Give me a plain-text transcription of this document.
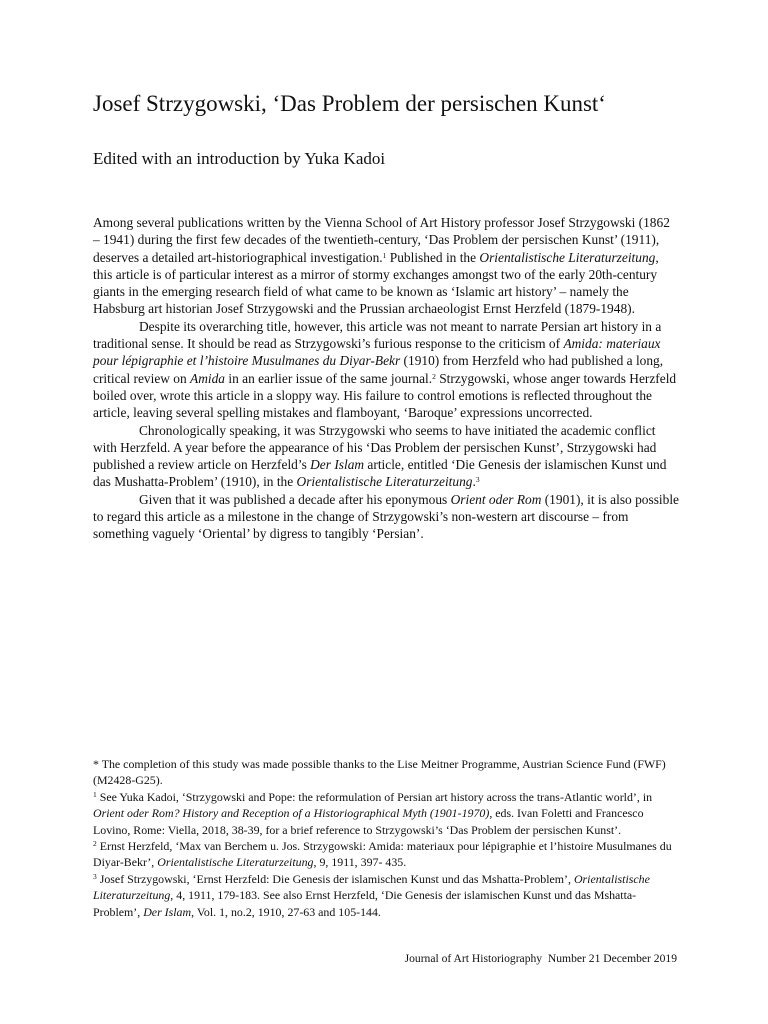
Josef Strzygowski, ‘Das Problem der persischen Kunst‘
Edited with an introduction by Yuka Kadoi

Among several publications written by the Vienna School of Art History professor Josef Strzygowski (1862 – 1941) during the first few decades of the twentieth-century, ‘Das Problem der persischen Kunst’ (1911), deserves a detailed art-historiographical investigation.$^1$ Published in the Orientalistische Literaturzeitung, this article is of particular interest as a mirror of stormy exchanges amongst two of the early 20th-century giants in the emerging research field of what came to be known as ‘Islamic art history’ – namely the Habsburg art historian Josef Strzygowski and the Prussian archaeologist Ernst Herzfeld (1879-1948).

Despite its overarching title, however, this article was not meant to narrate Persian art history in a traditional sense. It should be read as Strzygowski’s furious response to the criticism of Amida: materiaux pour lépigraphie et l’histoire Musulmanes du Diyar-Bekr (1910) from Herzfeld who had published a long, critical review on Amida in an earlier issue of the same journal.$^2$ Strzygowski, whose anger towards Herzfeld boiled over, wrote this article in a sloppy way. His failure to control emotions is reflected throughout the article, leaving several spelling mistakes and flamboyant, ‘Baroque’ expressions uncorrected.

Chronologically speaking, it was Strzygowski who seems to have initiated the academic conflict with Herzfeld. A year before the appearance of his ‘Das Problem der persischen Kunst’, Strzygowski had published a review article on Herzfeld’s Der Islam article, entitled ‘Die Genesis der islamischen Kunst und das Mushatta-Problem’ (1910), in the Orientalistische Literaturzeitung.$^3$

Given that it was published a decade after his eponymous Orient oder Rom (1901), it is also possible to regard this article as a milestone in the change of Strzygowski’s non-western art discourse – from something vaguely ‘Oriental’ by digress to tangibly ‘Persian’.

* The completion of this study was made possible thanks to the Lise Meitner Programme, Austrian Science Fund (FWF) (M2428-G25).

$^1$ See Yuka Kadoi, ‘Strzygowski and Pope: the reformulation of Persian art history across the trans-Atlantic world’, in Orient oder Rom? History and Reception of a Historiographical Myth (1901-1970), eds. Ivan Foletti and Francesco Lovino, Rome: Viella, 2018, 38-39, for a brief reference to Strzygowski’s ‘Das Problem der persischen Kunst’.

$^2$ Ernst Herzfeld, ‘Max van Berchem u. Jos. Strzygowski: Amida: materiaux pour lépigraphie et l’histoire Musulmanes du Diyar-Bekr’, Orientalistische Literaturzeitung, 9, 1911, 397- 435.

$^3$ Josef Strzygowski, ‘Ernst Herzfeld: Die Genesis der islamischen Kunst und das Mshatta-Problem’, Orientalistische Literaturzeitung, 4, 1911, 179-183. See also Ernst Herzfeld, ‘Die Genesis der islamischen Kunst und das Mshatta-Problem’, Der Islam, Vol. 1, no.2, 1910, 27-63 and 105-144.

Journal of Art Historiography Number 21 December 2019
